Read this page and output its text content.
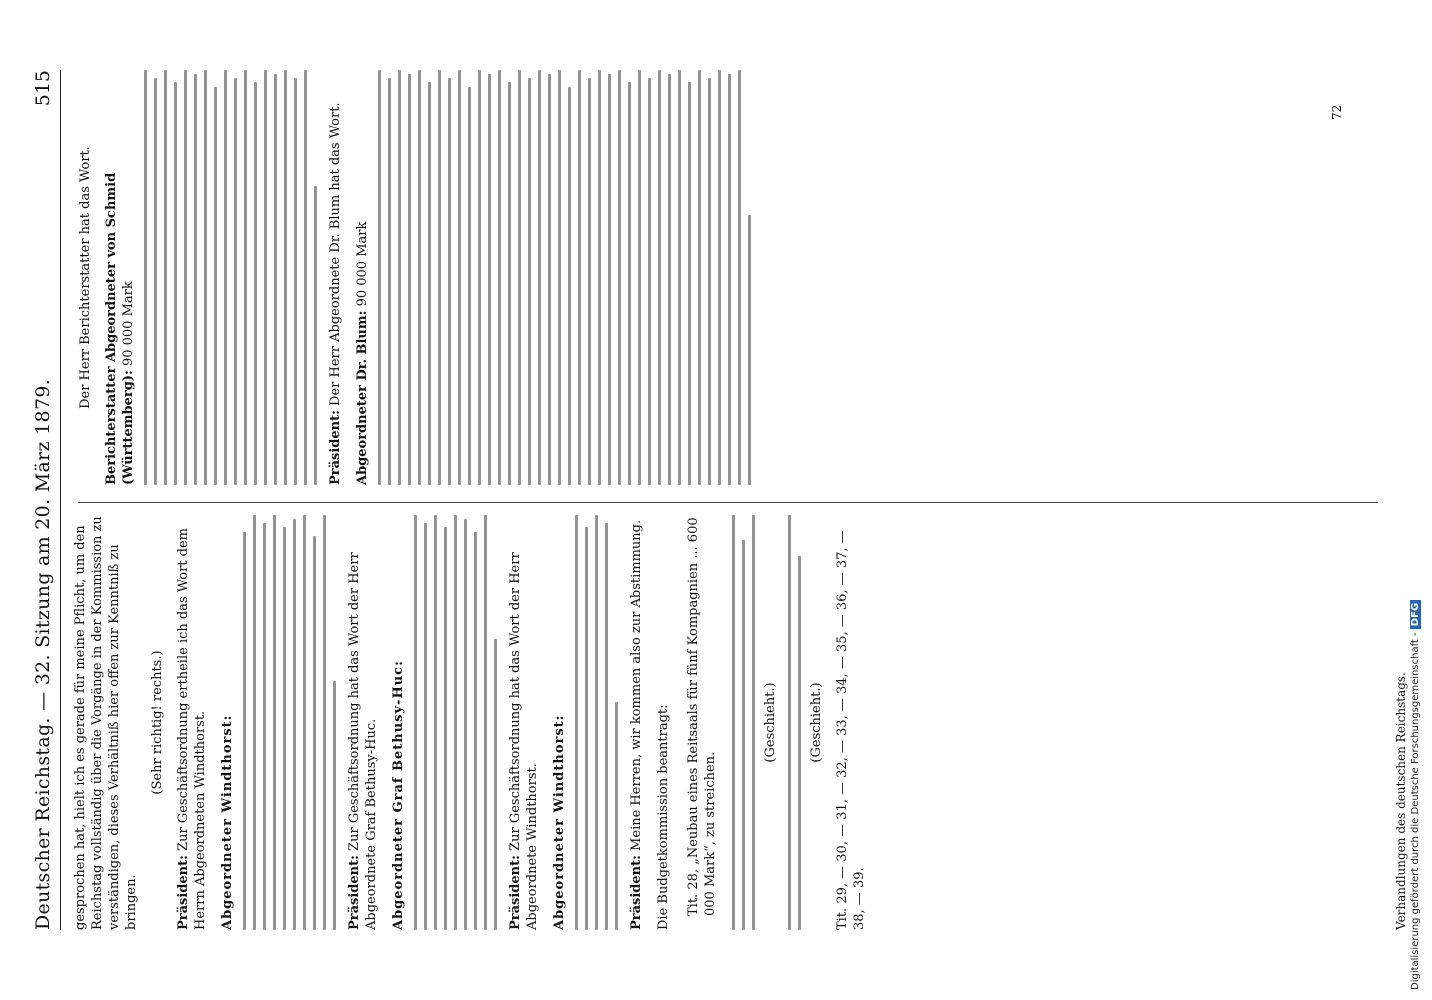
Deutscher Reichstag. — 32. Sitzung am 20. März 1879.
515

gesprochen hat, hielt ich es gerade für meine Pflicht, um den Reichstag vollständig über die Vorgänge in der Kommission zu verständigen, dieses Verhältniß hier offen zur Kenntniß zu bringen.

(Sehr richtig! rechts.)

Präsident: Zur Geschäftsordnung ertheile ich das Wort dem Herrn Abgeordneten Windthorst. Abgeordneter Windthorst:	Präsident: Zur Geschäftsordnung hat das Wort der Herr Abgeordnete Graf Bethusy-Huc. Abgeordneter Graf Bethusy-Huc:	Präsident: Zur Geschäftsordnung hat das Wort der Herr Abgeordnete Windthorst. Abgeordneter Windthorst:	Präsident: Meine Herren, wir kommen also zur Abstimmung. Die Budgetkommission beantragt: Tit. 28, „Neubau eines Reitsaals für fünf Kompagnien ... 600 000 Mark“, zu streichen.

(Geschieht.) (Geschieht.) Tit. 29, — 30, — 31, — 32, — 33, — 34, — 35, — 36, — 37, — 38, — 39.	Verhandlungen des deutschen Reichstags.
Der Herr Berichterstatter hat das Wort. Berichterstatter Abgeordneter von Schmid (Württemberg): 90 000 Mark

Präsident: Der Herr Abgeordnete Dr. Blum hat das Wort. Abgeordneter Dr. Blum: 90 000 Mark
72
Digitalisierung gefördert durch die Deutsche Forschungsgemeinschaft - DFG
